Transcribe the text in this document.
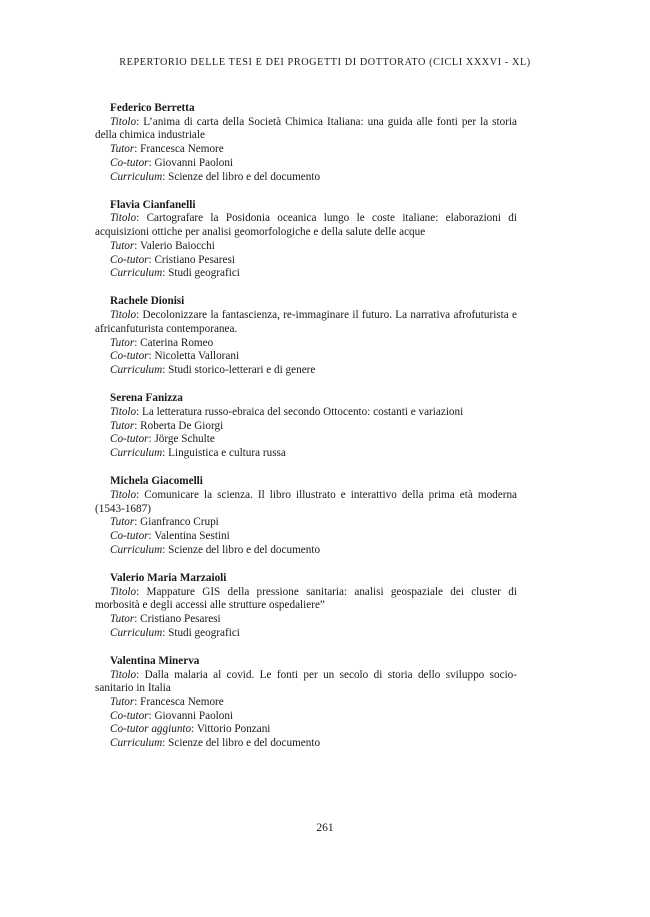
REPERTORIO DELLE TESI E DEI PROGETTI DI DOTTORATO (CICLI XXXVI - XL)

Federico Berretta

Titolo: L’anima di carta della Società Chimica Italiana: una guida alle fonti per la storia della chimica industriale

Tutor: Francesca Nemore

Co-tutor: Giovanni Paoloni

Curriculum: Scienze del libro e del documento

Flavia Cianfanelli

Titolo: Cartografare la Posidonia oceanica lungo le coste italiane: elaborazioni di acquisizioni ottiche per analisi geomorfologiche e della salute delle acque

Tutor: Valerio Baiocchi

Co-tutor: Cristiano Pesaresi

Curriculum: Studi geografici

Rachele Dionisi

Titolo: Decolonizzare la fantascienza, re-immaginare il futuro. La narrativa afrofuturista e africanfuturista contemporanea.

Tutor: Caterina Romeo

Co-tutor: Nicoletta Vallorani

Curriculum: Studi storico-letterari e di genere

Serena Fanizza

Titolo: La letteratura russo-ebraica del secondo Ottocento: costanti e variazioni

Tutor: Roberta De Giorgi

Co-tutor: Jörge Schulte

Curriculum: Linguistica e cultura russa

Michela Giacomelli

Titolo: Comunicare la scienza. Il libro illustrato e interattivo della prima età moderna (1543-1687)

Tutor: Gianfranco Crupi

Co-tutor: Valentina Sestini

Curriculum: Scienze del libro e del documento

Valerio Maria Marzaioli

Titolo: Mappature GIS della pressione sanitaria: analisi geospaziale dei cluster di morbosità e degli accessi alle strutture ospedaliere”

Tutor: Cristiano Pesaresi

Curriculum: Studi geografici

Valentina Minerva

Titolo: Dalla malaria al covid. Le fonti per un secolo di storia dello sviluppo socio-sanitario in Italia

Tutor: Francesca Nemore

Co-tutor: Giovanni Paoloni

Co-tutor aggiunto: Vittorio Ponzani

Curriculum: Scienze del libro e del documento

261
